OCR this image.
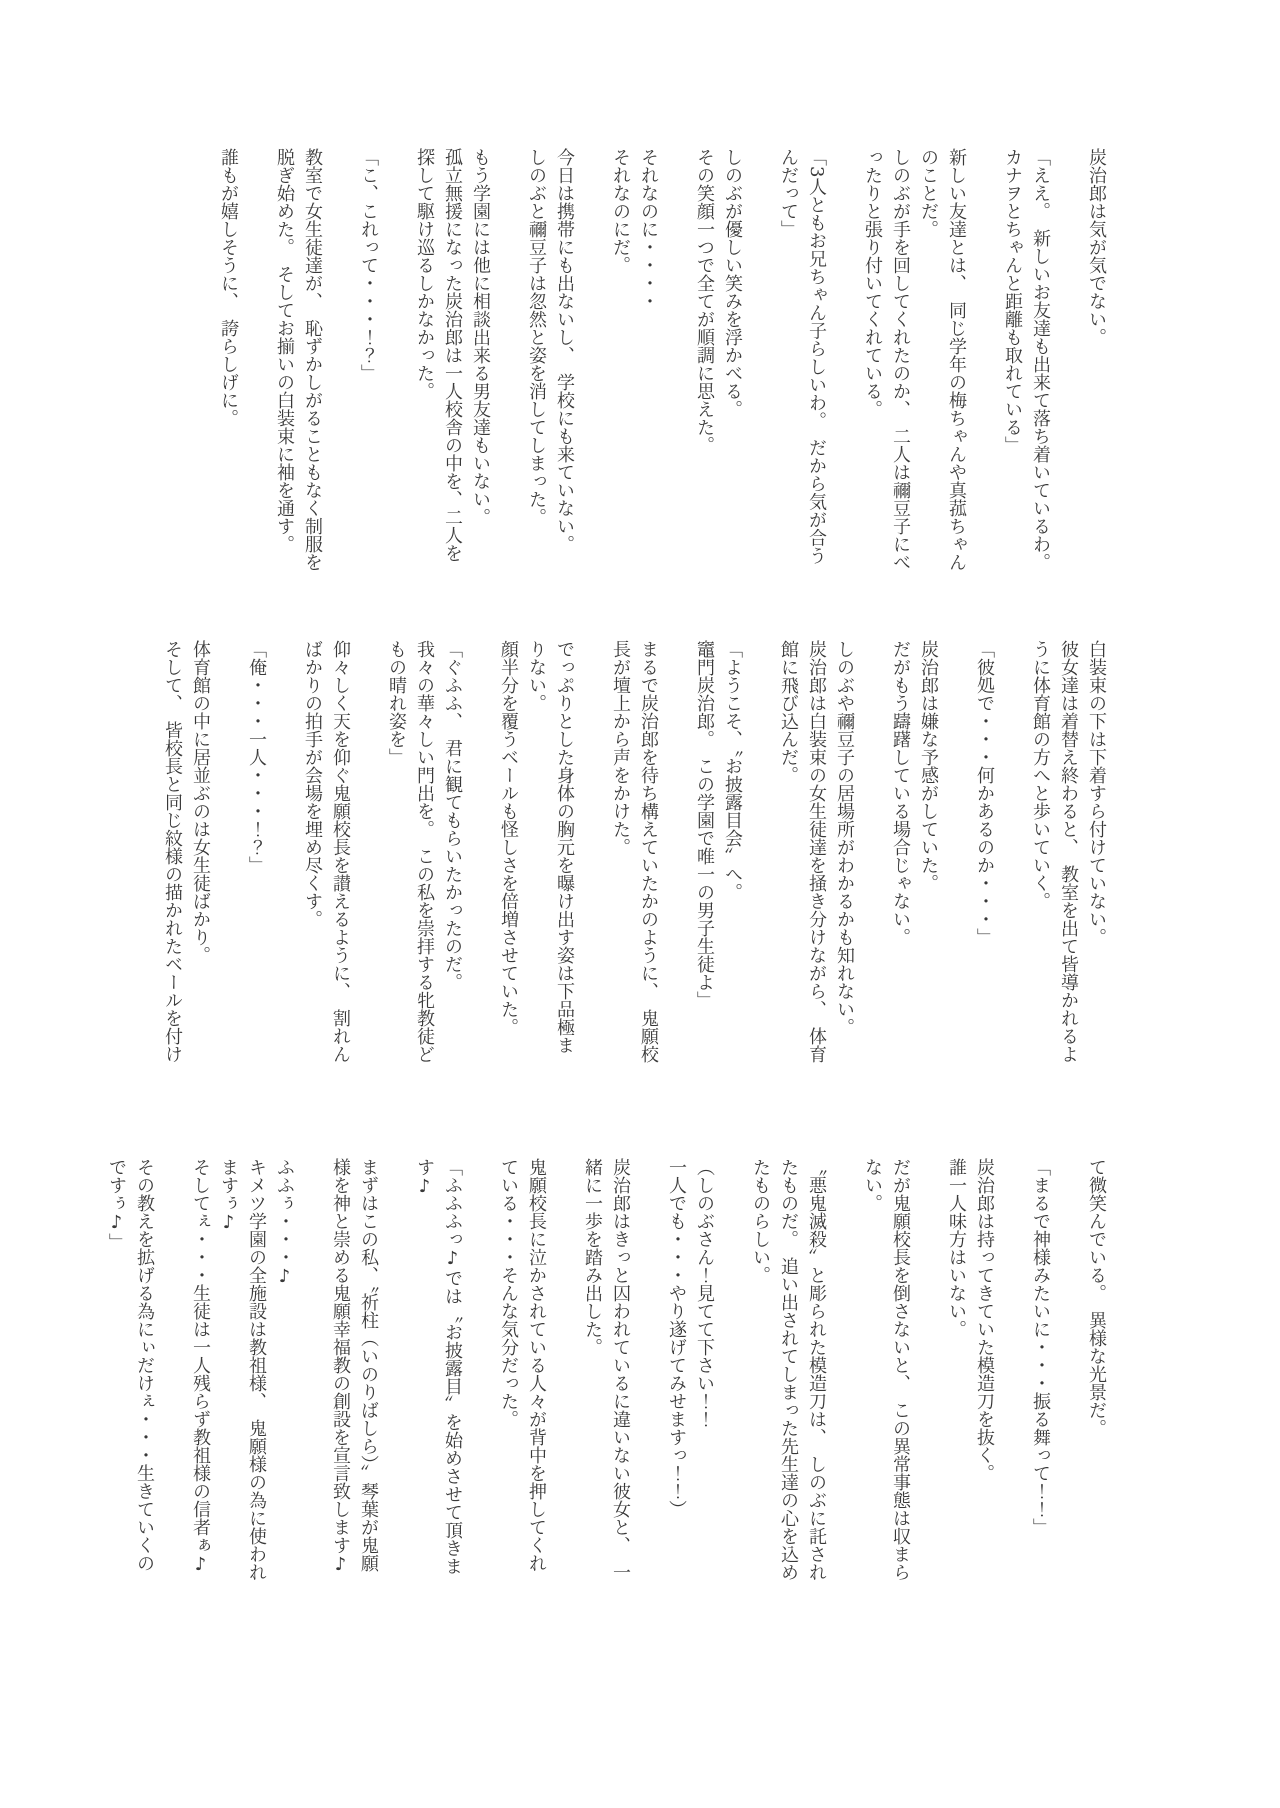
炭治郎は気が気でない。
「ええ。　新しいお友達も出来て落ち着いているわ。
カナヲとちゃんと距離も取れている」
新しい友達とは、　同じ学年の梅ちゃんや真菰ちゃん
のことだ。
しのぶが手を回してくれたのか、　二人は禰豆子にべ
ったりと張り付いてくれている。
「3人ともお兄ちゃん子らしいわ。　だから気が合う
んだって」
しのぶが優しい笑みを浮かべる。
その笑顔一つで全てが順調に思えた。
それなのに・・・・
それなのにだ。
今日は携帯にも出ないし、　学校にも来ていない。
しのぶと禰豆子は忽然と姿を消してしまった。
もう学園には他に相談出来る男友達もいない。
孤立無援になった炭治郎は一人校舎の中を、二人を
探して駆け巡るしかなかった。
「こ、これって・・・！？」
教室で女生徒達が、　恥ずかしがることもなく制服を
脱ぎ始めた。　そしてお揃いの白装束に袖を通す。
誰もが嬉しそうに、　誇らしげに。
白装束の下は下着すら付けていない。
彼女達は着替え終わると、　教室を出て皆導かれるよ
うに体育館の方へと歩いていく。
「彼処で・・・何かあるのか・・・」
炭治郎は嫌な予感がしていた。
だがもう躊躇している場合じゃない。
しのぶや禰豆子の居場所がわかるかも知れない。
炭治郎は白装束の女生徒達を掻き分けながら、　体育
館に飛び込んだ。
「ようこそ、〝お披露目会〟へ。
竈門炭治郎。　この学園で唯一の男子生徒よ」
まるで炭治郎を待ち構えていたかのように、　鬼願校
長が壇上から声をかけた。
でっぷりとした身体の胸元を曝け出す姿は下品極ま
りない。
顔半分を覆うベールも怪しさを倍増させていた。
「ぐふふ、　君に観てもらいたかったのだ。
我々の華々しい門出を。　この私を崇拝する牝教徒ど
もの晴れ姿を」
仰々しく天を仰ぐ鬼願校長を讃えるように、　割れん
ばかりの拍手が会場を埋め尽くす。
「俺・・・一人・・・！？」
体育館の中に居並ぶのは女生徒ばかり。
そして、　皆校長と同じ紋様の描かれたベールを付け
て微笑んでいる。　異様な光景だ。
「まるで神様みたいに・・・振る舞って！！」
炭治郎は持ってきていた模造刀を抜く。
誰一人味方はいない。
だが鬼願校長を倒さないと、　この異常事態は収まら
ない。
〝悪鬼滅殺〟と彫られた模造刀は、　しのぶに託され
たものだ。　追い出されてしまった先生達の心を込め
たものらしい。
（しのぶさん！見てて下さい！！
一人でも・・・やり遂げてみせますっ！！）
炭治郎はきっと囚われているに違いない彼女と、　一
緒に一歩を踏み出した。
鬼願校長に泣かされている人々が背中を押してくれ
ている・・・そんな気分だった。
「ふふふっ♪では〝お披露目〟を始めさせて頂きま
す♪
まずはこの私、〝祈柱（いのりばしら）〟琴葉が鬼願
様を神と崇める鬼願幸福教の創設を宣言致します♪
ふふぅ・・・♪
キメツ学園の全施設は教祖様、　鬼願様の為に使われ
ますぅ♪
そしてぇ・・・生徒は一人残らず教祖様の信者ぁ♪
その教えを拡げる為にぃだけぇ・・・生きていくの
ですぅ♪」
